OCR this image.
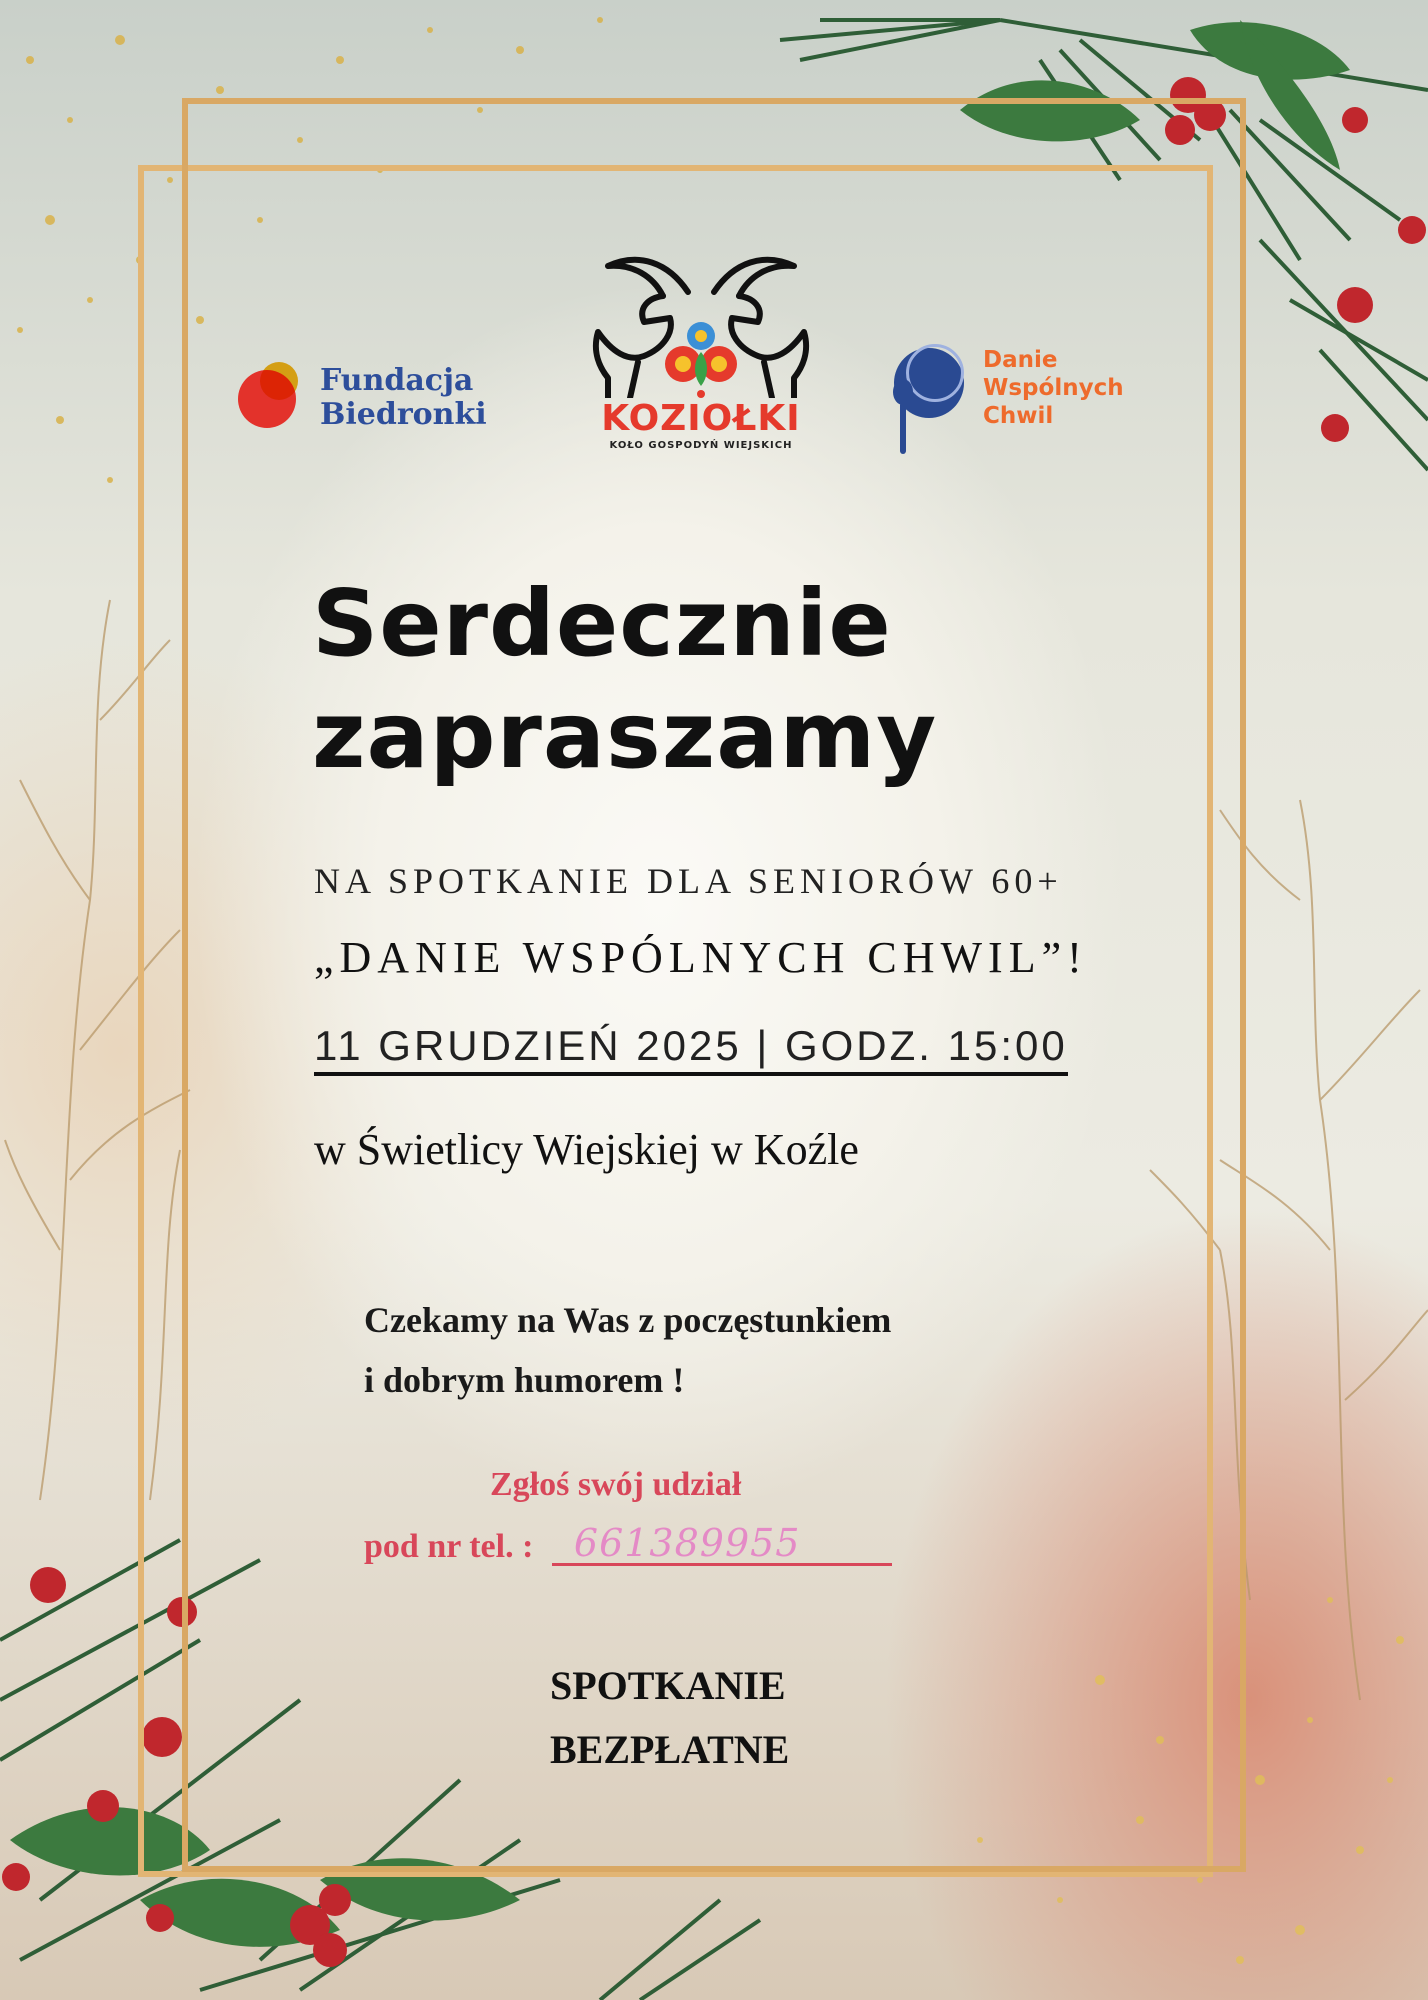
Fundacja
Biedronki	KOZIOŁKI
KOŁO GOSPODYŃ WIEJSKICH
Danie
Wspólnych
Chwil
Serdecznie
zapraszamy
NA SPOTKANIE DLA SENIORÓW 60+
„DANIE WSPÓLNYCH CHWIL”!
11 GRUDZIEŃ 2025 | GODZ. 15:00
w Świetlicy Wiejskiej w Koźle
Czekamy na Was z poczęstunkiem
i dobrym humorem !
Zgłoś swój udział
pod nr tel. : 661389955
SPOTKANIE
BEZPŁATNE
